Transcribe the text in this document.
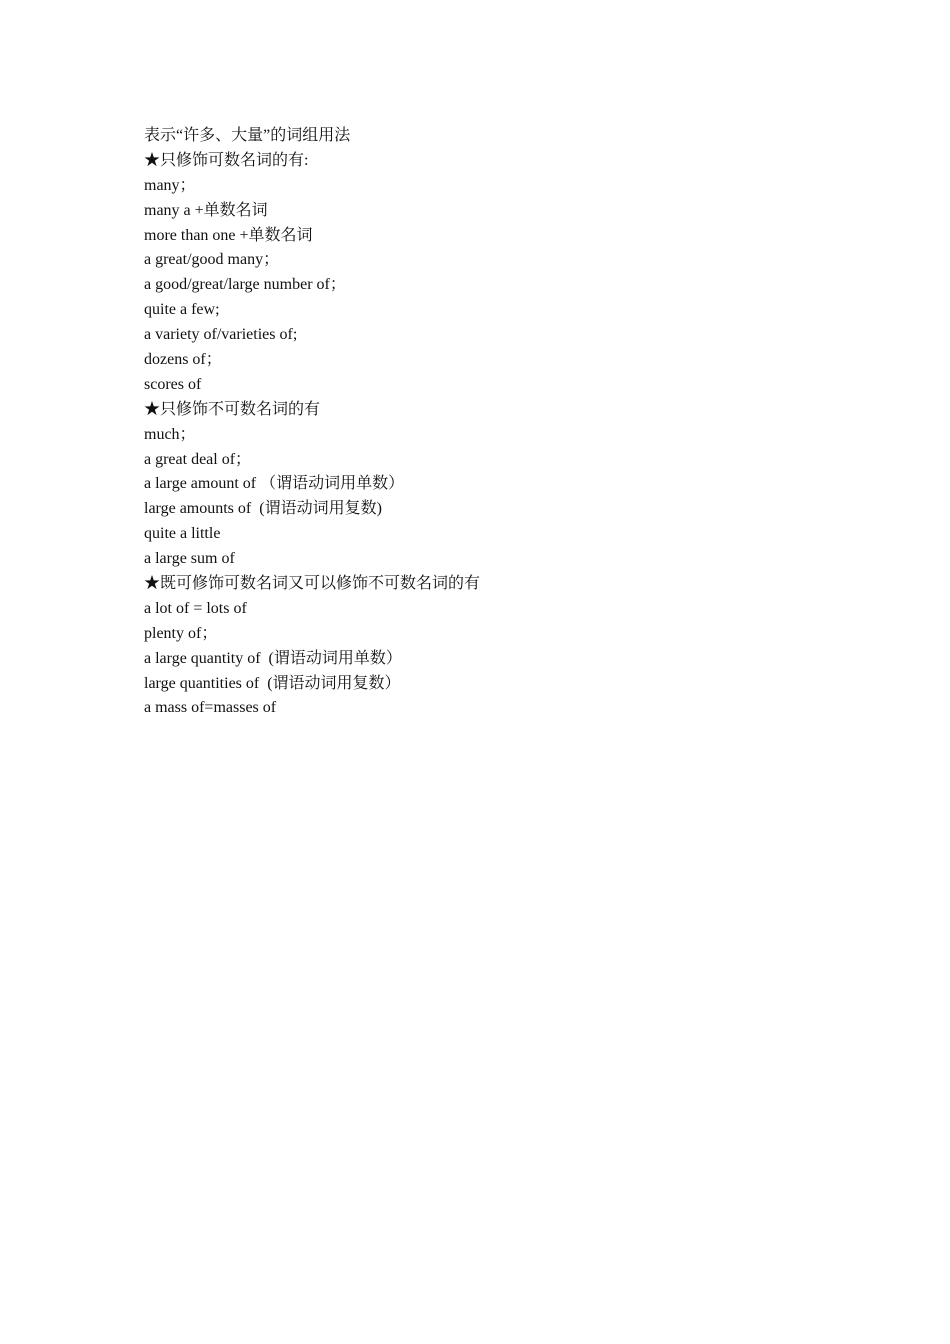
表示“许多、大量”的词组用法
★只修饰可数名词的有:
many；
many a +单数名词
more than one +单数名词
a great/good many；
a good/great/large number of；
quite a few;
a variety of/varieties of;
dozens of；
scores of
★只修饰不可数名词的有
much；
a great deal of；
a large amount of （谓语动词用单数）
large amounts of  (谓语动词用复数)
quite a little
a large sum of
★既可修饰可数名词又可以修饰不可数名词的有
a lot of = lots of
plenty of；
a large quantity of  (谓语动词用单数）
large quantities of  (谓语动词用复数）
a mass of=masses of
